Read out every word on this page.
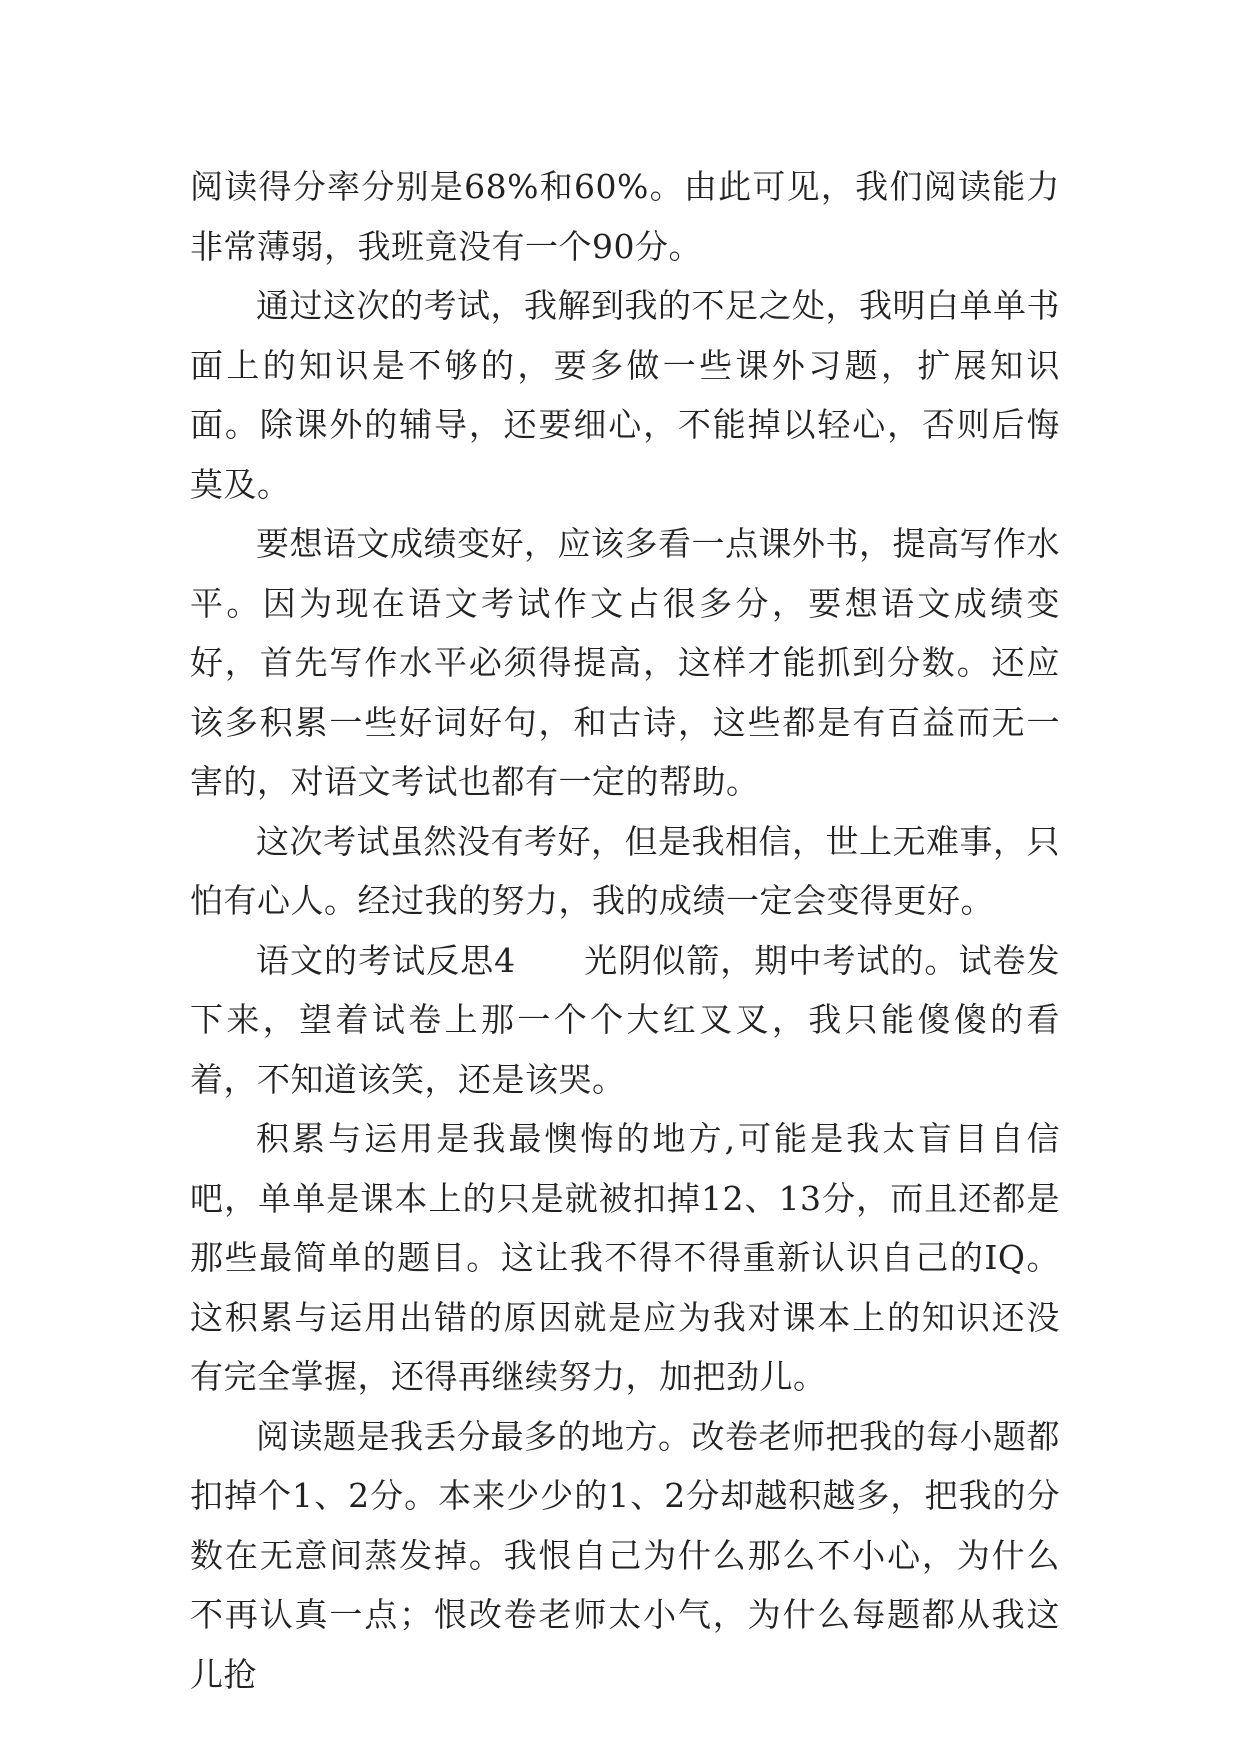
阅读得分率分别是68%和60%。由此可见，我们阅读能力非常薄弱，我班竟没有一个90分。

通过这次的考试，我解到我的不足之处，我明白单单书面上的知识是不够的，要多做一些课外习题，扩展知识面。除课外的辅导，还要细心，不能掉以轻心，否则后悔莫及。

要想语文成绩变好，应该多看一点课外书，提高写作水平。因为现在语文考试作文占很多分，要想语文成绩变好，首先写作水平必须得提高，这样才能抓到分数。还应该多积累一些好词好句，和古诗，这些都是有百益而无一害的，对语文考试也都有一定的帮助。

这次考试虽然没有考好，但是我相信，世上无难事，只怕有心人。经过我的努力，我的成绩一定会变得更好。

语文的考试反思4　　光阴似箭，期中考试的。试卷发下来，望着试卷上那一个个大红叉叉，我只能傻傻的看着，不知道该笑，还是该哭。

积累与运用是我最懊悔的地方,可能是我太盲目自信吧，单单是课本上的只是就被扣掉12、13分，而且还都是那些最简单的题目。这让我不得不得重新认识自己的IQ。这积累与运用出错的原因就是应为我对课本上的知识还没有完全掌握，还得再继续努力，加把劲儿。

阅读题是我丢分最多的地方。改卷老师把我的每小题都扣掉个1、2分。本来少少的1、2分却越积越多，把我的分数在无意间蒸发掉。我恨自己为什么那么不小心，为什么不再认真一点；恨改卷老师太小气，为什么每题都从我这儿抢
